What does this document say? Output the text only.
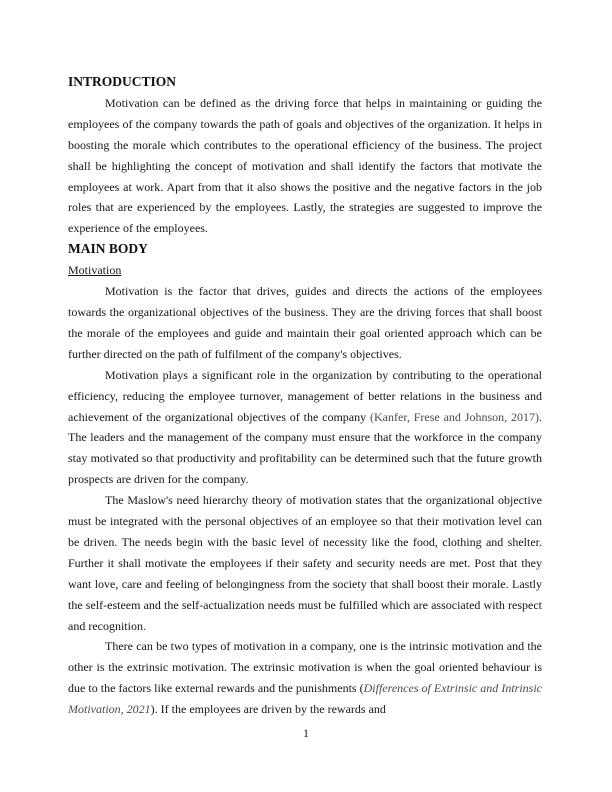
INTRODUCTION

Motivation can be defined as the driving force that helps in maintaining or guiding the employees of the company towards the path of goals and objectives of the organization. It helps in boosting the morale which contributes to the operational efficiency of the business. The project shall be highlighting the concept of motivation and shall identify the factors that motivate the employees at work. Apart from that it also shows the positive and the negative factors in the job roles that are experienced by the employees. Lastly, the strategies are suggested to improve the experience of the employees.

MAIN BODY
Motivation

Motivation is the factor that drives, guides and directs the actions of the employees towards the organizational objectives of the business. They are the driving forces that shall boost the morale of the employees and guide and maintain their goal oriented approach which can be further directed on the path of fulfilment of the company's objectives.

Motivation plays a significant role in the organization by contributing to the operational efficiency, reducing the employee turnover, management of better relations in the business and achievement of the organizational objectives of the company (Kanfer, Frese and Johnson, 2017). The leaders and the management of the company must ensure that the workforce in the company stay motivated so that productivity and profitability can be determined such that the future growth prospects are driven for the company.

The Maslow's need hierarchy theory of motivation states that the organizational objective must be integrated with the personal objectives of an employee so that their motivation level can be driven. The needs begin with the basic level of necessity like the food, clothing and shelter. Further it shall motivate the employees if their safety and security needs are met. Post that they want love, care and feeling of belongingness from the society that shall boost their morale. Lastly the self-esteem and the self-actualization needs must be fulfilled which are associated with respect and recognition.

There can be two types of motivation in a company, one is the intrinsic motivation and the other is the extrinsic motivation. The extrinsic motivation is when the goal oriented behaviour is due to the factors like external rewards and the punishments (Differences of Extrinsic and Intrinsic Motivation, 2021). If the employees are driven by the rewards and

1
